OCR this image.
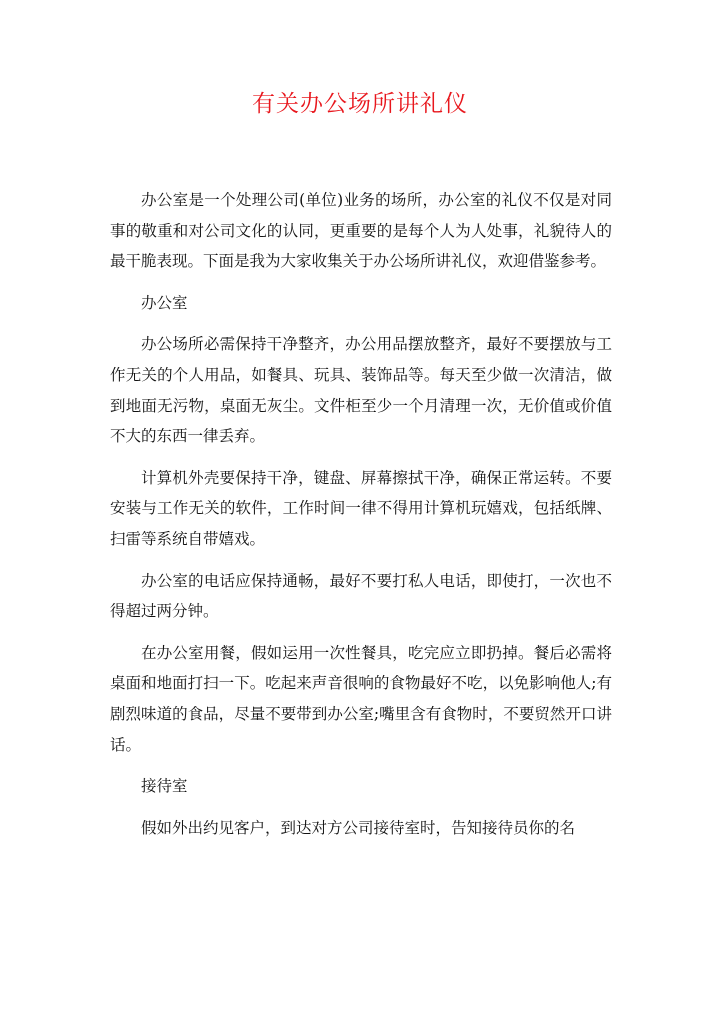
有关办公场所讲礼仪

办公室是一个处理公司(单位)业务的场所，办公室的礼仪不仅是对同事的敬重和对公司文化的认同，更重要的是每个人为人处事，礼貌待人的最干脆表现。下面是我为大家收集关于办公场所讲礼仪，欢迎借鉴参考。

办公室

办公场所必需保持干净整齐，办公用品摆放整齐，最好不要摆放与工作无关的个人用品，如餐具、玩具、装饰品等。每天至少做一次清洁，做到地面无污物，桌面无灰尘。文件柜至少一个月清理一次，无价值或价值不大的东西一律丢弃。

计算机外壳要保持干净，键盘、屏幕擦拭干净，确保正常运转。不要安装与工作无关的软件，工作时间一律不得用计算机玩嬉戏，包括纸牌、扫雷等系统自带嬉戏。

办公室的电话应保持通畅，最好不要打私人电话，即使打，一次也不得超过两分钟。

在办公室用餐，假如运用一次性餐具，吃完应立即扔掉。餐后必需将桌面和地面打扫一下。吃起来声音很响的食物最好不吃，以免影响他人;有剧烈味道的食品，尽量不要带到办公室;嘴里含有食物时，不要贸然开口讲话。

接待室

假如外出约见客户，到达对方公司接待室时，告知接待员你的名
